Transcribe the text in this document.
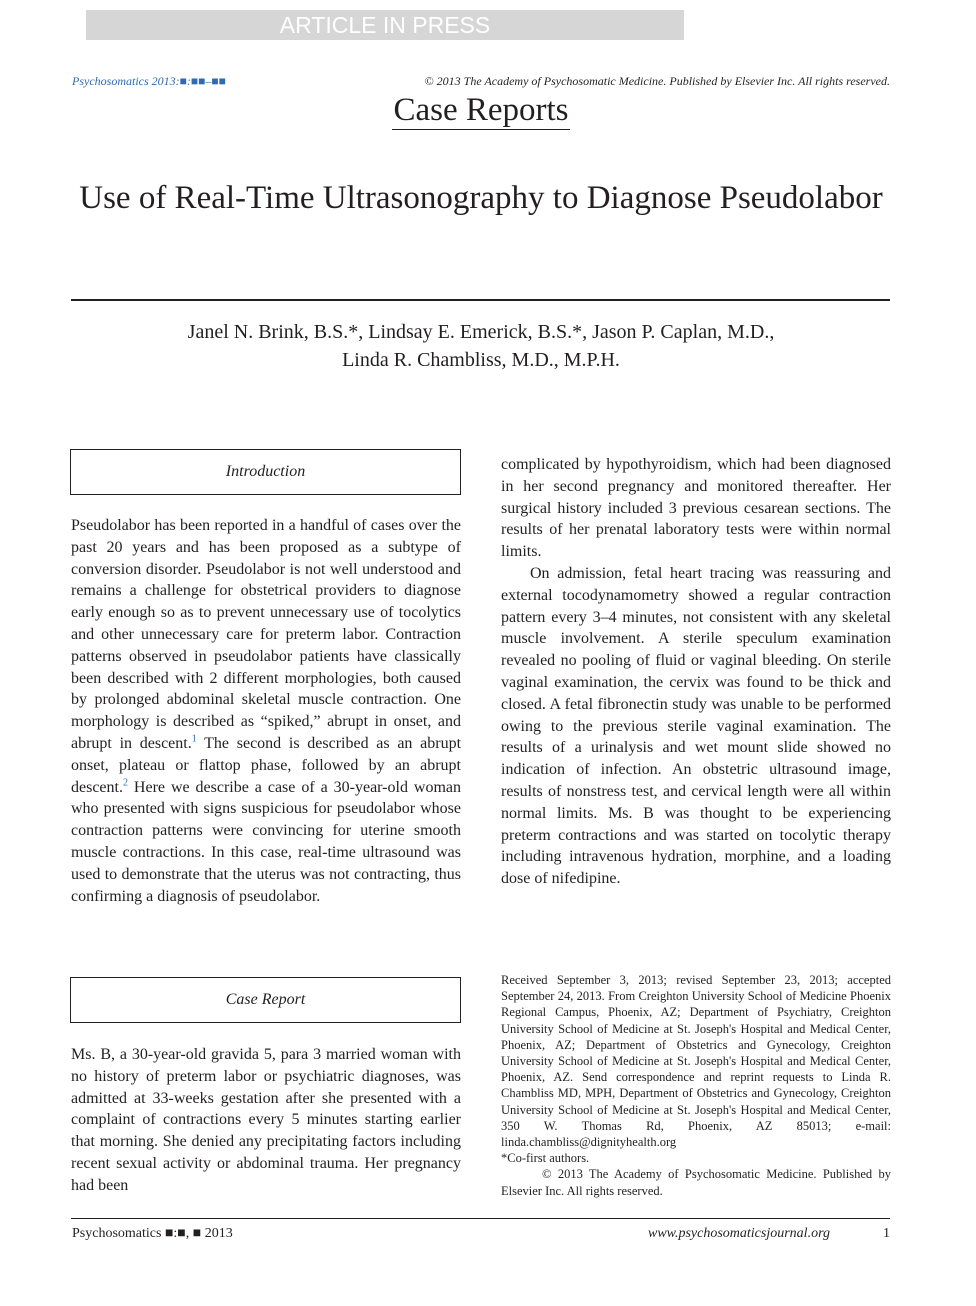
ARTICLE IN PRESS
Psychosomatics 2013:■:■■–■■	© 2013 The Academy of Psychosomatic Medicine. Published by Elsevier Inc. All rights reserved.
Case Reports
Use of Real-Time Ultrasonography to Diagnose Pseudolabor
Janel N. Brink, B.S.*, Lindsay E. Emerick, B.S.*, Jason P. Caplan, M.D.,
Linda R. Chambliss, M.D., M.P.H.
Introduction

Pseudolabor has been reported in a handful of cases over the past 20 years and has been proposed as a subtype of conversion disorder. Pseudolabor is not well understood and remains a challenge for obstetrical providers to diagnose early enough so as to prevent unnecessary use of tocolytics and other unnecessary care for preterm labor. Contraction patterns observed in pseudolabor patients have classically been described with 2 different morphologies, both caused by prolonged abdominal skeletal muscle contraction. One morphology is described as “spiked,” abrupt in onset, and abrupt in descent.$^1$ The second is described as an abrupt onset, plateau or flattop phase, followed by an abrupt descent.$^2$ Here we describe a case of a 30-year-old woman who presented with signs suspicious for pseudolabor whose contraction patterns were convincing for uterine smooth muscle contractions. In this case, real-time ultrasound was used to demonstrate that the uterus was not contracting, thus confirming a diagnosis of pseudolabor.

Case Report

Ms. B, a 30-year-old gravida 5, para 3 married woman with no history of preterm labor or psychiatric diagnoses, was admitted at 33-weeks gestation after she presented with a complaint of contractions every 5 minutes starting earlier that morning. She denied any precipitating factors including recent sexual activity or abdominal trauma. Her pregnancy had been

complicated by hypothyroidism, which had been diagnosed in her second pregnancy and monitored thereafter. Her surgical history included 3 previous cesarean sections. The results of her prenatal laboratory tests were within normal limits.

On admission, fetal heart tracing was reassuring and external tocodynamometry showed a regular contraction pattern every 3–4 minutes, not consistent with any skeletal muscle involvement. A sterile speculum examination revealed no pooling of fluid or vaginal bleeding. On sterile vaginal examination, the cervix was found to be thick and closed. A fetal fibronectin study was unable to be performed owing to the previous sterile vaginal examination. The results of a urinalysis and wet mount slide showed no indication of infection. An obstetric ultrasound image, results of nonstress test, and cervical length were all within normal limits. Ms. B was thought to be experiencing preterm contractions and was started on tocolytic therapy including intravenous hydration, morphine, and a loading dose of nifedipine.

Received September 3, 2013; revised September 23, 2013; accepted September 24, 2013. From Creighton University School of Medicine Phoenix Regional Campus, Phoenix, AZ; Department of Psychiatry, Creighton University School of Medicine at St. Joseph's Hospital and Medical Center, Phoenix, AZ; Department of Obstetrics and Gynecology, Creighton University School of Medicine at St. Joseph's Hospital and Medical Center, Phoenix, AZ. Send correspondence and reprint requests to Linda R. Chambliss MD, MPH, Department of Obstetrics and Gynecology, Creighton University School of Medicine at St. Joseph's Hospital and Medical Center, 350 W. Thomas Rd, Phoenix, AZ 85013; e-mail: linda.chambliss@dignityhealth.org

*Co-first authors.

© 2013 The Academy of Psychosomatic Medicine. Published by Elsevier Inc. All rights reserved.

Psychosomatics ■:■, ■ 2013	www.psychosomaticsjournal.org	1
